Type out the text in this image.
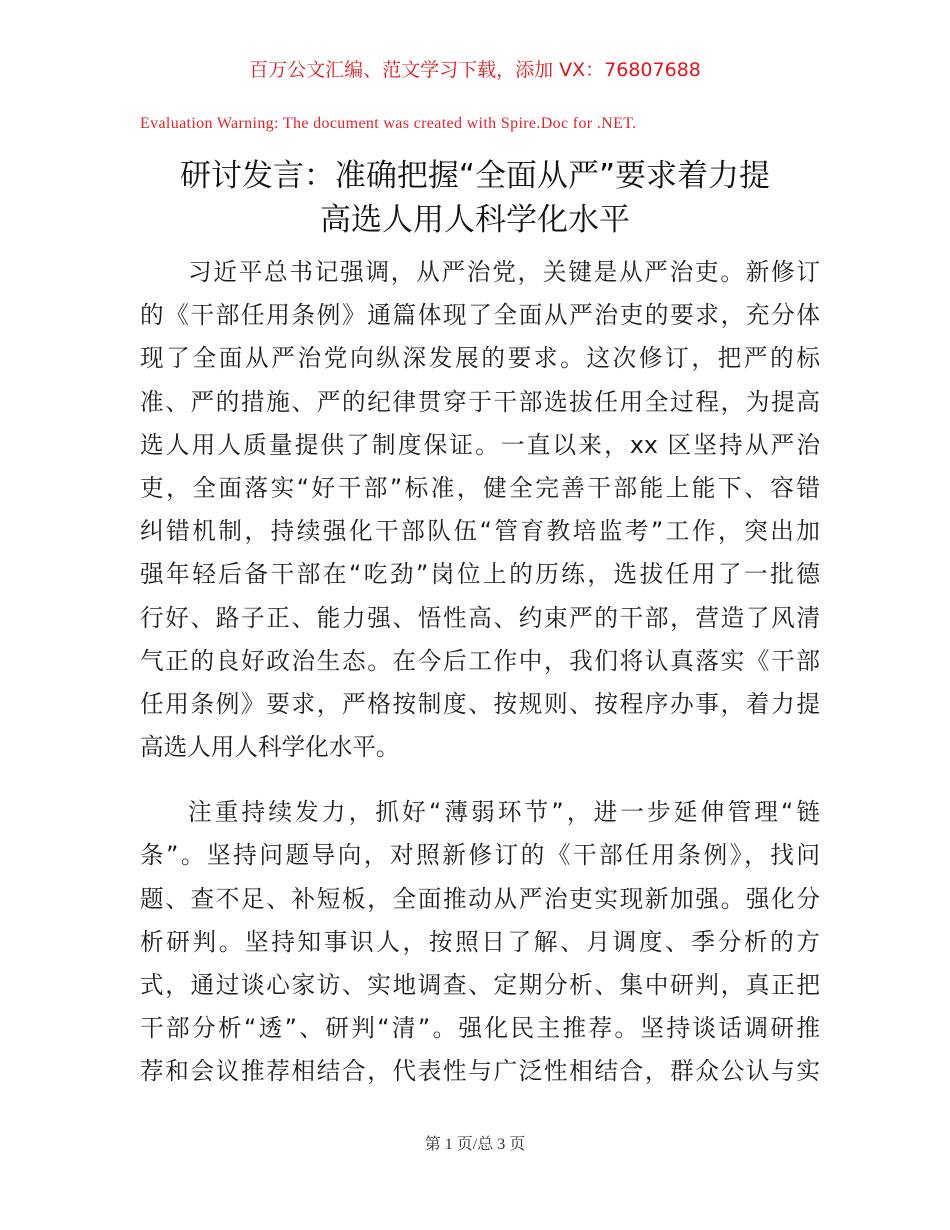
百万公文汇编、范文学习下载，添加 VX：76807688
Evaluation Warning: The document was created with Spire.Doc for .NET.
研讨发言：准确把握“全面从严”要求着力提
高选人用人科学化水平

习近平总书记强调，从严治党，关键是从严治吏。新修订
的《干部任用条例》通篇体现了全面从严治吏的要求，充分体
现了全面从严治党向纵深发展的要求。这次修订，把严的标
准、严的措施、严的纪律贯穿于干部选拔任用全过程，为提高
选人用人质量提供了制度保证。一直以来，xx 区坚持从严治
吏，全面落实“好干部”标准，健全完善干部能上能下、容错
纠错机制，持续强化干部队伍“管育教培监考”工作，突出加
强年轻后备干部在“吃劲”岗位上的历练，选拔任用了一批德
行好、路子正、能力强、悟性高、约束严的干部，营造了风清
气正的良好政治生态。在今后工作中，我们将认真落实《干部
任用条例》要求，严格按制度、按规则、按程序办事，着力提
高选人用人科学化水平。

注重持续发力，抓好“薄弱环节”，进一步延伸管理“链
条”。坚持问题导向，对照新修订的《干部任用条例》，找问
题、查不足、补短板，全面推动从严治吏实现新加强。强化分
析研判。坚持知事识人，按照日了解、月调度、季分析的方
式，通过谈心家访、实地调查、定期分析、集中研判，真正把
干部分析“透”、研判“清”。强化民主推荐。坚持谈话调研推
荐和会议推荐相结合，代表性与广泛性相结合，群众公认与实

第 1 页/总 3 页
